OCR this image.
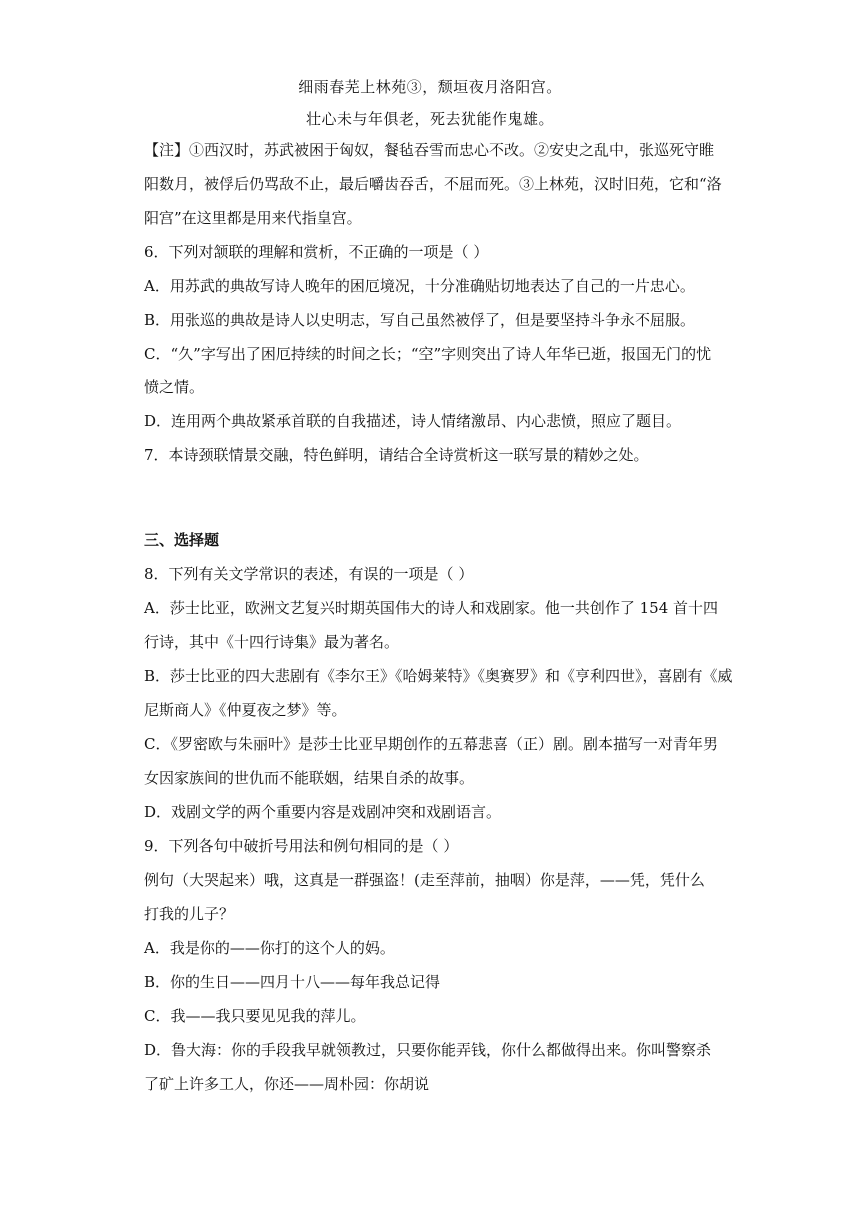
细雨春芜上林苑③，颓垣夜月洛阳宫。
壮心未与年俱老，死去犹能作鬼雄。
【注】①西汉时，苏武被困于匈奴，餐毡吞雪而忠心不改。②安史之乱中，张巡死守睢
阳数月，被俘后仍骂敌不止，最后嚼齿吞舌，不屈而死。③上林苑，汉时旧苑，它和“洛
阳宫”在这里都是用来代指皇宫。
6．下列对颔联的理解和赏析，不正确的一项是（ ）
A．用苏武的典故写诗人晚年的困厄境况，十分准确贴切地表达了自己的一片忠心。
B．用张巡的典故是诗人以史明志，写自己虽然被俘了，但是要坚持斗争永不屈服。
C．“久”字写出了困厄持续的时间之长；“空”字则突出了诗人年华已逝，报国无门的忧
愤之情。
D．连用两个典故紧承首联的自我描述，诗人情绪激昂、内心悲愤，照应了题目。
7．本诗颈联情景交融，特色鲜明，请结合全诗赏析这一联写景的精妙之处。
三、选择题
8．下列有关文学常识的表述，有误的一项是（ ）
A．莎士比亚，欧洲文艺复兴时期英国伟大的诗人和戏剧家。他一共创作了 154 首十四
行诗，其中《十四行诗集》最为著名。
B．莎士比亚的四大悲剧有《李尔王》《哈姆莱特》《奥赛罗》和《亨利四世》，喜剧有《威
尼斯商人》《仲夏夜之梦》等。
C．《罗密欧与朱丽叶》是莎士比亚早期创作的五幕悲喜（正）剧。剧本描写一对青年男
女因家族间的世仇而不能联姻，结果自杀的故事。
D．戏剧文学的两个重要内容是戏剧冲突和戏剧语言。
9．下列各句中破折号用法和例句相同的是（ ）
例句（大哭起来）哦，这真是一群强盗！(走至萍前，抽咽）你是萍，——凭，凭什么
打我的儿子？
A．我是你的——你打的这个人的妈。
B．你的生日——四月十八——每年我总记得
C．我——我只要见见我的萍儿。
D．鲁大海：你的手段我早就领教过，只要你能弄钱，你什么都做得出来。你叫警察杀
了矿上许多工人，你还——周朴园：你胡说
